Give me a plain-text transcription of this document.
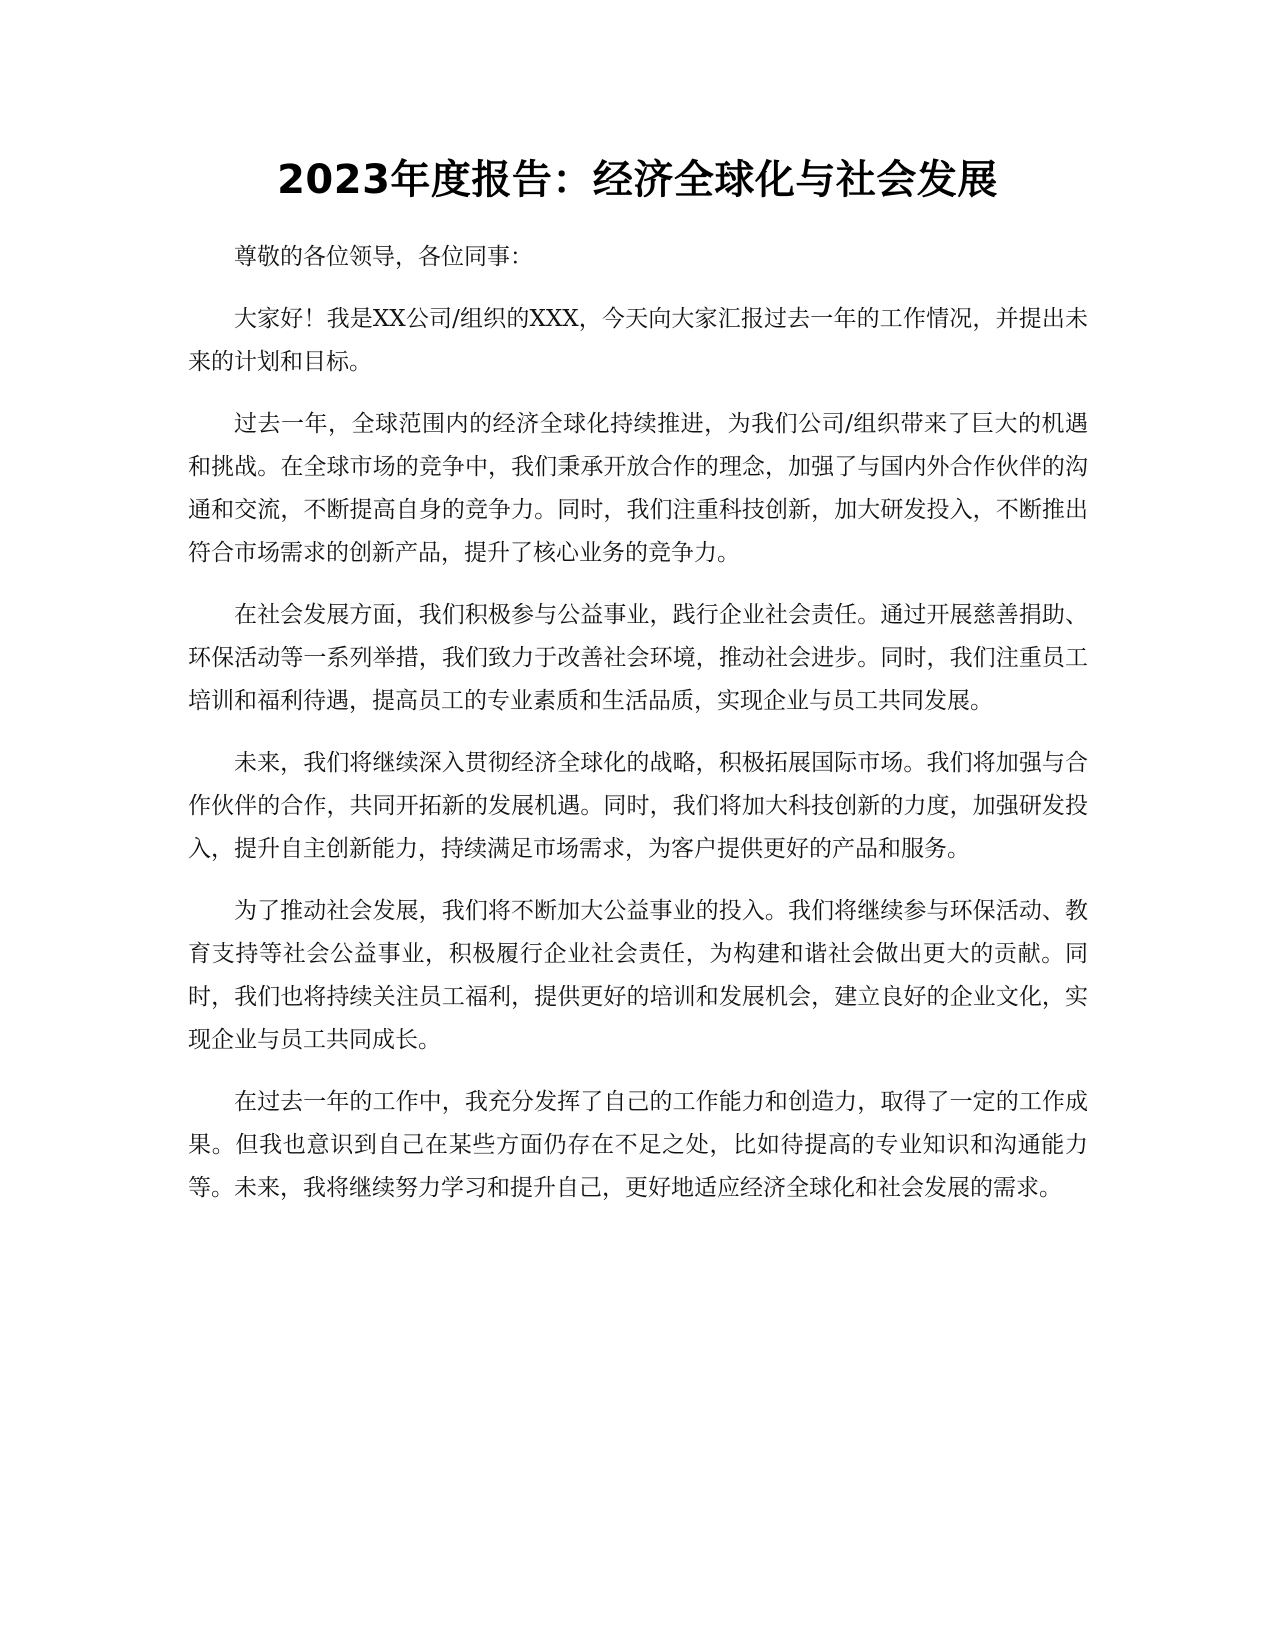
2023年度报告：经济全球化与社会发展

尊敬的各位领导，各位同事：

大家好！我是XX公司/组织的XXX，今天向大家汇报过去一年的工作情况，并提出未来的计划和目标。

过去一年，全球范围内的经济全球化持续推进，为我们公司/组织带来了巨大的机遇和挑战。在全球市场的竞争中，我们秉承开放合作的理念，加强了与国内外合作伙伴的沟通和交流，不断提高自身的竞争力。同时，我们注重科技创新，加大研发投入，不断推出符合市场需求的创新产品，提升了核心业务的竞争力。

在社会发展方面，我们积极参与公益事业，践行企业社会责任。通过开展慈善捐助、环保活动等一系列举措，我们致力于改善社会环境，推动社会进步。同时，我们注重员工培训和福利待遇，提高员工的专业素质和生活品质，实现企业与员工共同发展。

未来，我们将继续深入贯彻经济全球化的战略，积极拓展国际市场。我们将加强与合作伙伴的合作，共同开拓新的发展机遇。同时，我们将加大科技创新的力度，加强研发投入，提升自主创新能力，持续满足市场需求，为客户提供更好的产品和服务。

为了推动社会发展，我们将不断加大公益事业的投入。我们将继续参与环保活动、教育支持等社会公益事业，积极履行企业社会责任，为构建和谐社会做出更大的贡献。同时，我们也将持续关注员工福利，提供更好的培训和发展机会，建立良好的企业文化，实现企业与员工共同成长。

在过去一年的工作中，我充分发挥了自己的工作能力和创造力，取得了一定的工作成果。但我也意识到自己在某些方面仍存在不足之处，比如待提高的专业知识和沟通能力等。未来，我将继续努力学习和提升自己，更好地适应经济全球化和社会发展的需求。
